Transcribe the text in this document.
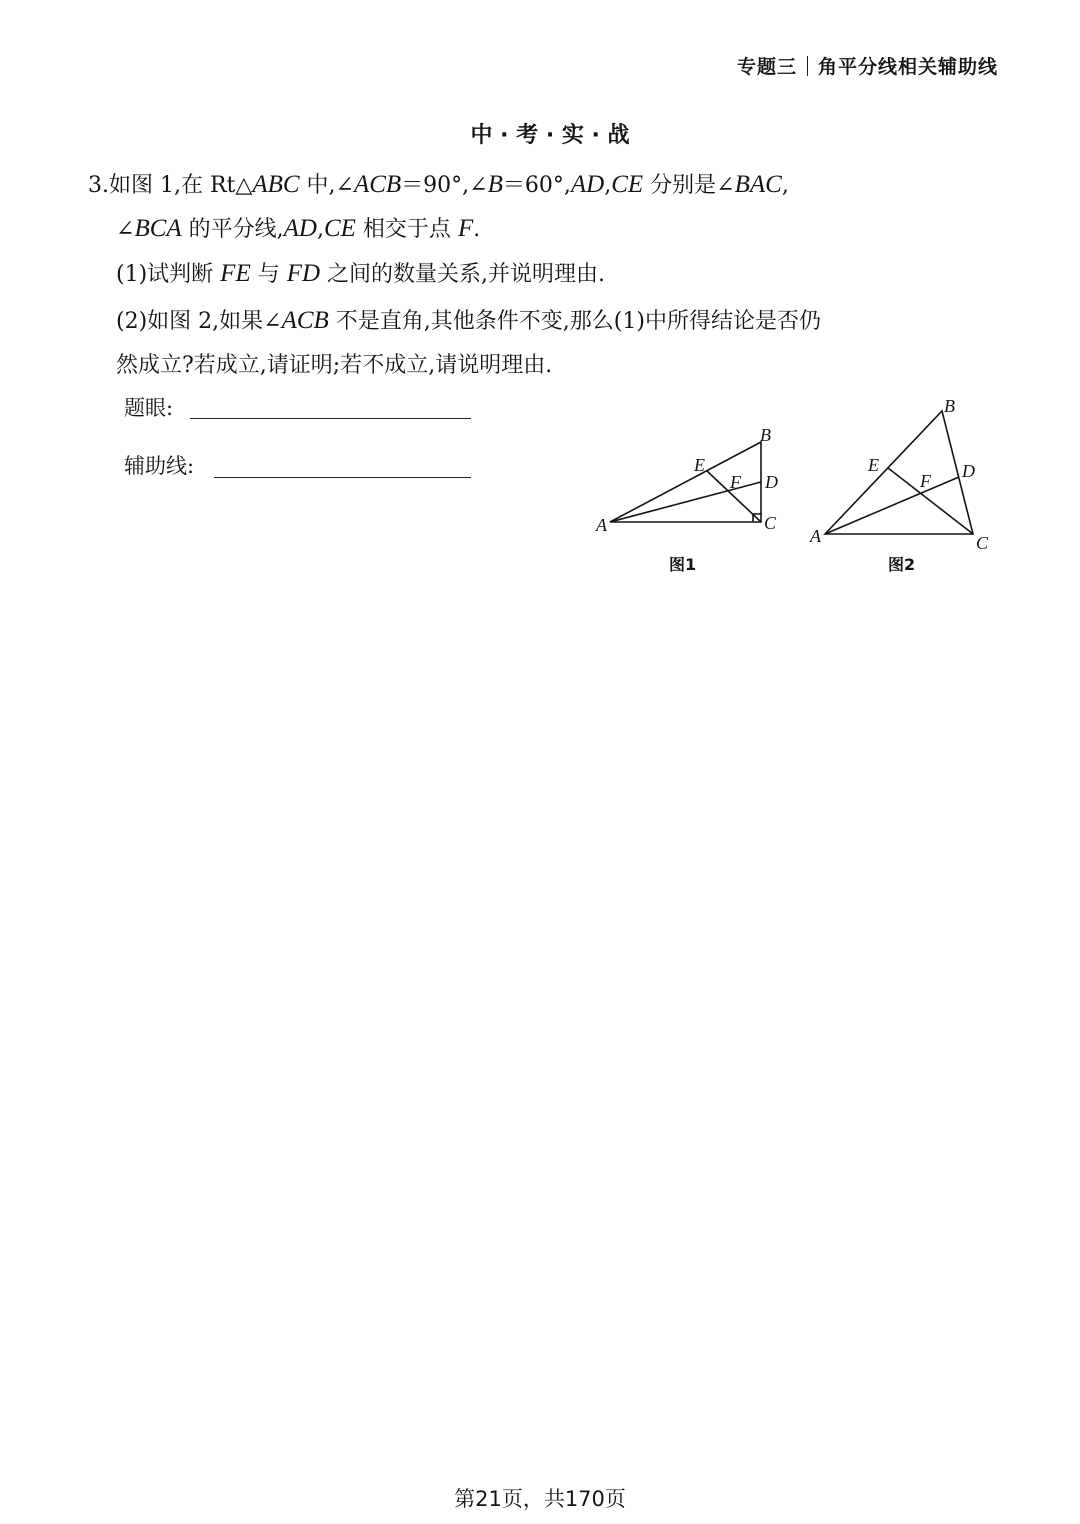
专题三 角平分线相关辅助线
中 · 考 · 实 · 战
3.如图 1,在 Rt△ABC 中,∠ACB＝90°,∠B＝60°,AD,CE 分别是∠BAC,
∠BCA 的平分线,AD,CE 相交于点 F.
(1)试判断 FE 与 FD 之间的数量关系,并说明理由.
(2)如图 2,如果∠ACB 不是直角,其他条件不变,那么(1)中所得结论是否仍
然成立?若成立,请证明;若不成立,请说明理由.
题眼:
辅助线:
A
B
C
D
E
F
图1
A
B
C
D
E
F
图2
第21页，共170页
